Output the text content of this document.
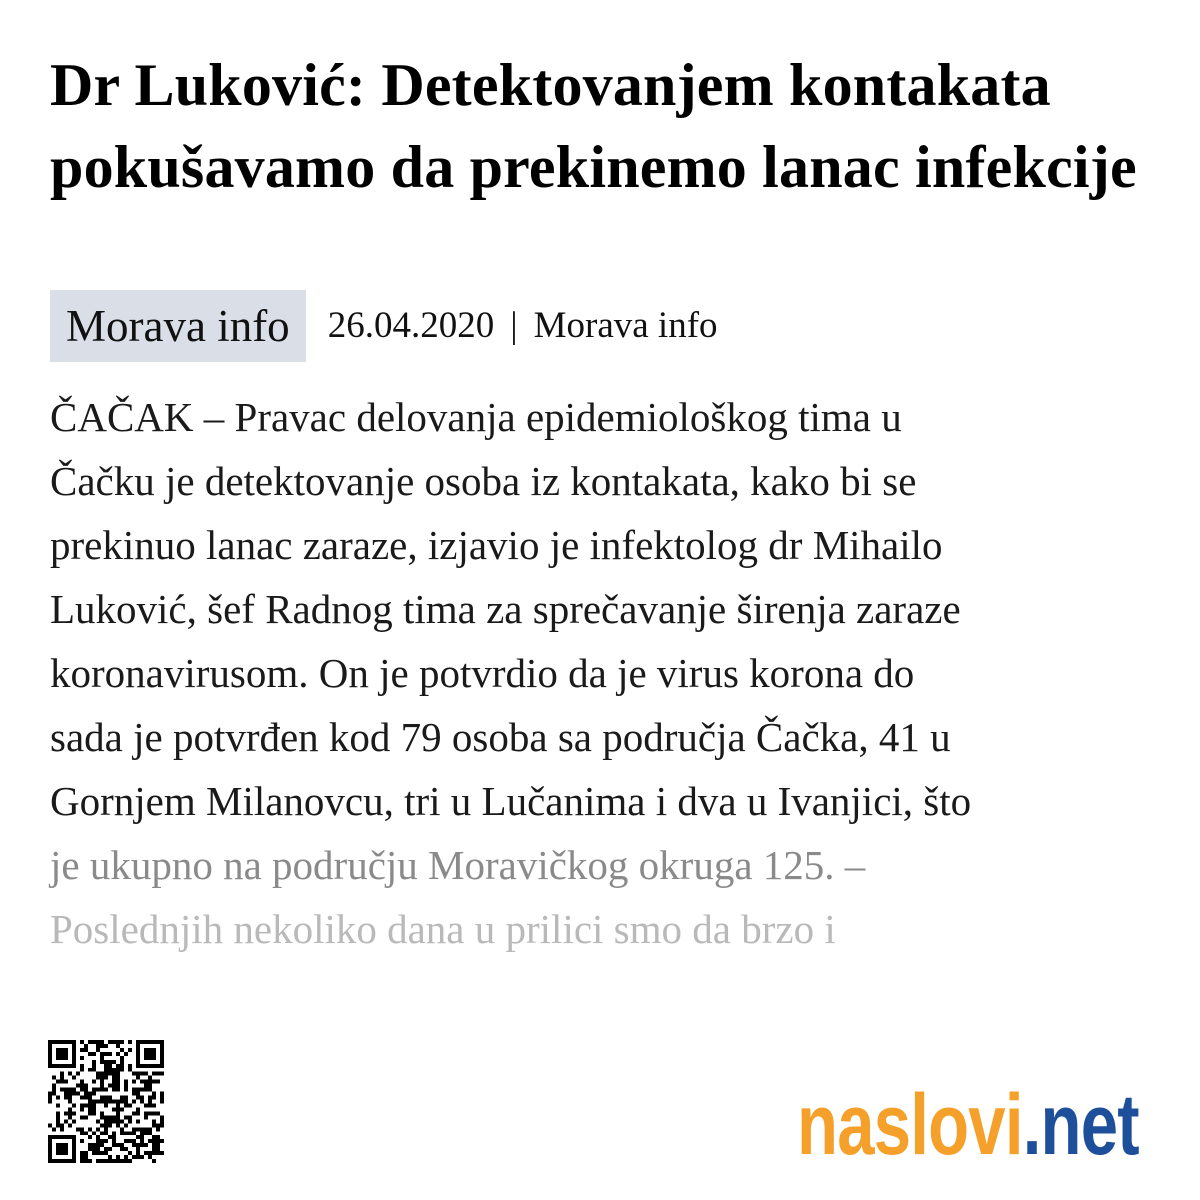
Dr Luković: Detektovanjem kontakata pokušavamo da prekinemo lanac infekcije
Morava info	26.04.2020 | Morava info

ČAČAK – Pravac delovanja epidemiološkog tima u
Čačku je detektovanje osoba iz kontakata, kako bi se
prekinuo lanac zaraze, izjavio je infektolog dr Mihailo
Luković, šef Radnog tima za sprečavanje širenja zaraze
koronavirusom. On je potvrdio da je virus korona do
sada je potvrđen kod 79 osoba sa područja Čačka, 41 u
Gornjem Milanovcu, tri u Lučanima i dva u Ivanjici, što
je ukupno na području Moravičkog okruga 125. –
Poslednjih nekoliko dana u prilici smo da brzo i

naslovi .net
